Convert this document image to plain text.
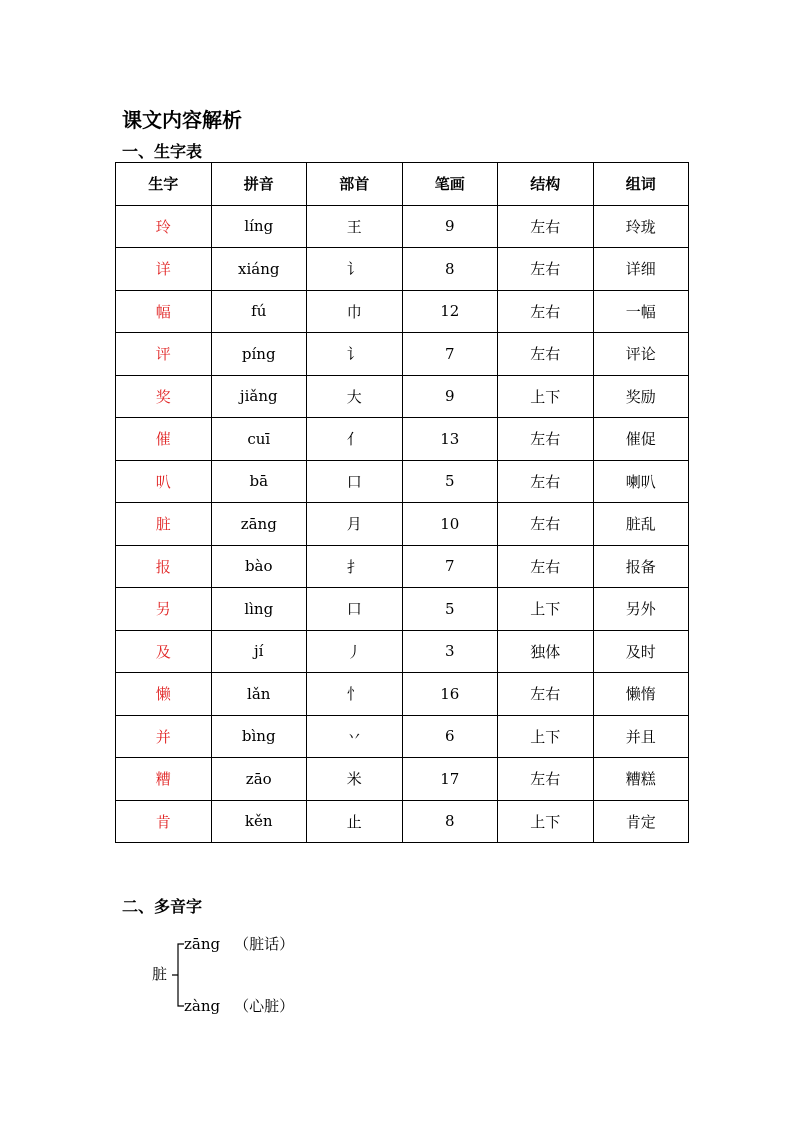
课文内容解析
一、生字表
生字	拼音	部首	笔画	结构	组词
玲	líng	王	9	左右	玲珑
详	xiáng	讠	8	左右	详细
幅	fú	巾	12	左右	一幅
评	píng	讠	7	左右	评论
奖	jiǎng	大	9	上下	奖励
催	cuī	亻	13	左右	催促
叭	bā	口	5	左右	喇叭
脏	zāng	月	10	左右	脏乱
报	bào	扌	7	左右	报备
另	lìng	口	5	上下	另外
及	jí	丿	3	独体	及时
懒	lǎn	忄	16	左右	懒惰
并	bìng	丷	6	上下	并且
糟	zāo	米	17	左右	糟糕
肯	kěn	止	8	上下	肯定
二、多音字
脏
zāng （脏话）
zàng （心脏）
